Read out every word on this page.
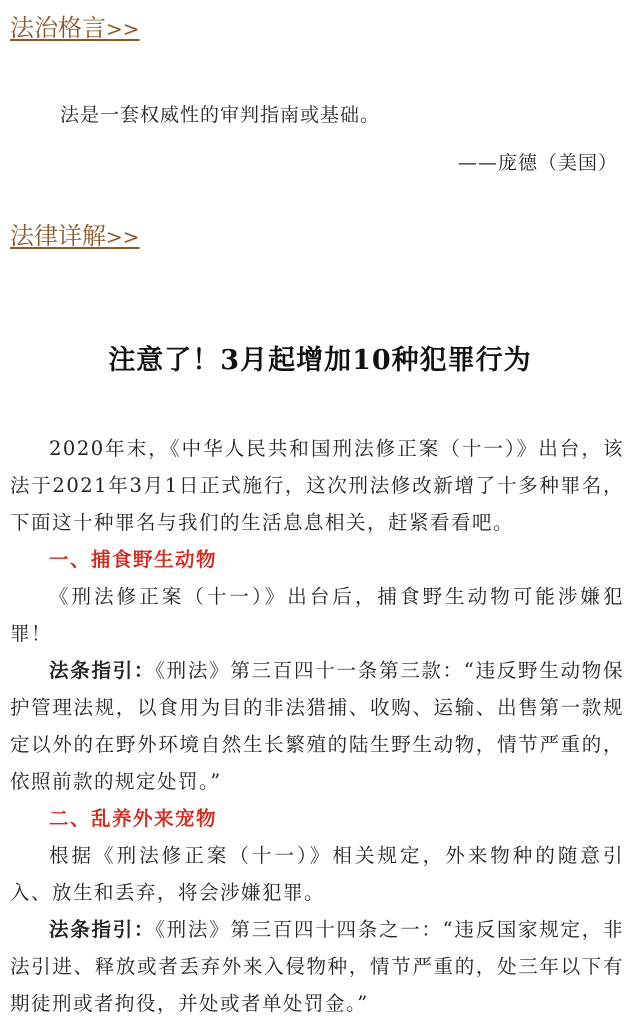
法治格言>>
法是一套权威性的审判指南或基础。
——庞德（美国）
法律详解>>
注意了！3月起增加10种犯罪行为

2020年末，《中华人民共和国刑法修正案（十一）》出台，该法于2021年3月1日正式施行，这次刑法修改新增了十多种罪名，下面这十种罪名与我们的生活息息相关，赶紧看看吧。

一、捕食野生动物

《刑法修正案（十一）》出台后，捕食野生动物可能涉嫌犯罪！

法条指引：《刑法》第三百四十一条第三款：“违反野生动物保护管理法规，以食用为目的非法猎捕、收购、运输、出售第一款规定以外的在野外环境自然生长繁殖的陆生野生动物，情节严重的，依照前款的规定处罚。”

二、乱养外来宠物

根据《刑法修正案（十一）》相关规定，外来物种的随意引入、放生和丢弃，将会涉嫌犯罪。

法条指引：《刑法》第三百四十四条之一：“违反国家规定，非法引进、释放或者丢弃外来入侵物种，情节严重的，处三年以下有期徒刑或者拘役，并处或者单处罚金。”
